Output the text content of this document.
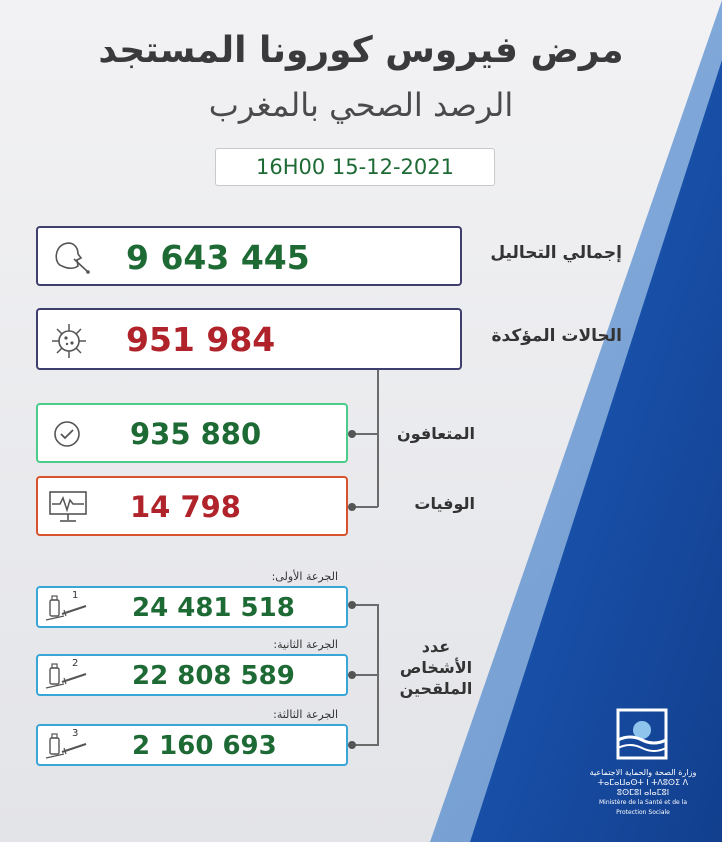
مرض فيروس كورونا المستجد
الرصد الصحي بالمغرب
16H00 15-12-2021
9 643 445	إجمالي التحاليل
951 984	الحالات المؤكدة
935 880	المتعافون
14 798	الوفيات
الجرعة الأولى:
1 24 481 518
الجرعة الثانية:
2 22 808 589
الجرعة الثالثة:
3 2 160 693
عدد
الأشخاص
الملقحين
وزارة الصحة والحماية الاجتماعية
ⵜⴰⵎⴰⵡⴰⵙⵜ ⵏ ⵜⴷⵓⵙⵉ ⴷ ⵓⵙⵎⵓⵏ ⴰⵏⴰⵎⵓⵏ
Ministère de la Santé et de la Protection Sociale
